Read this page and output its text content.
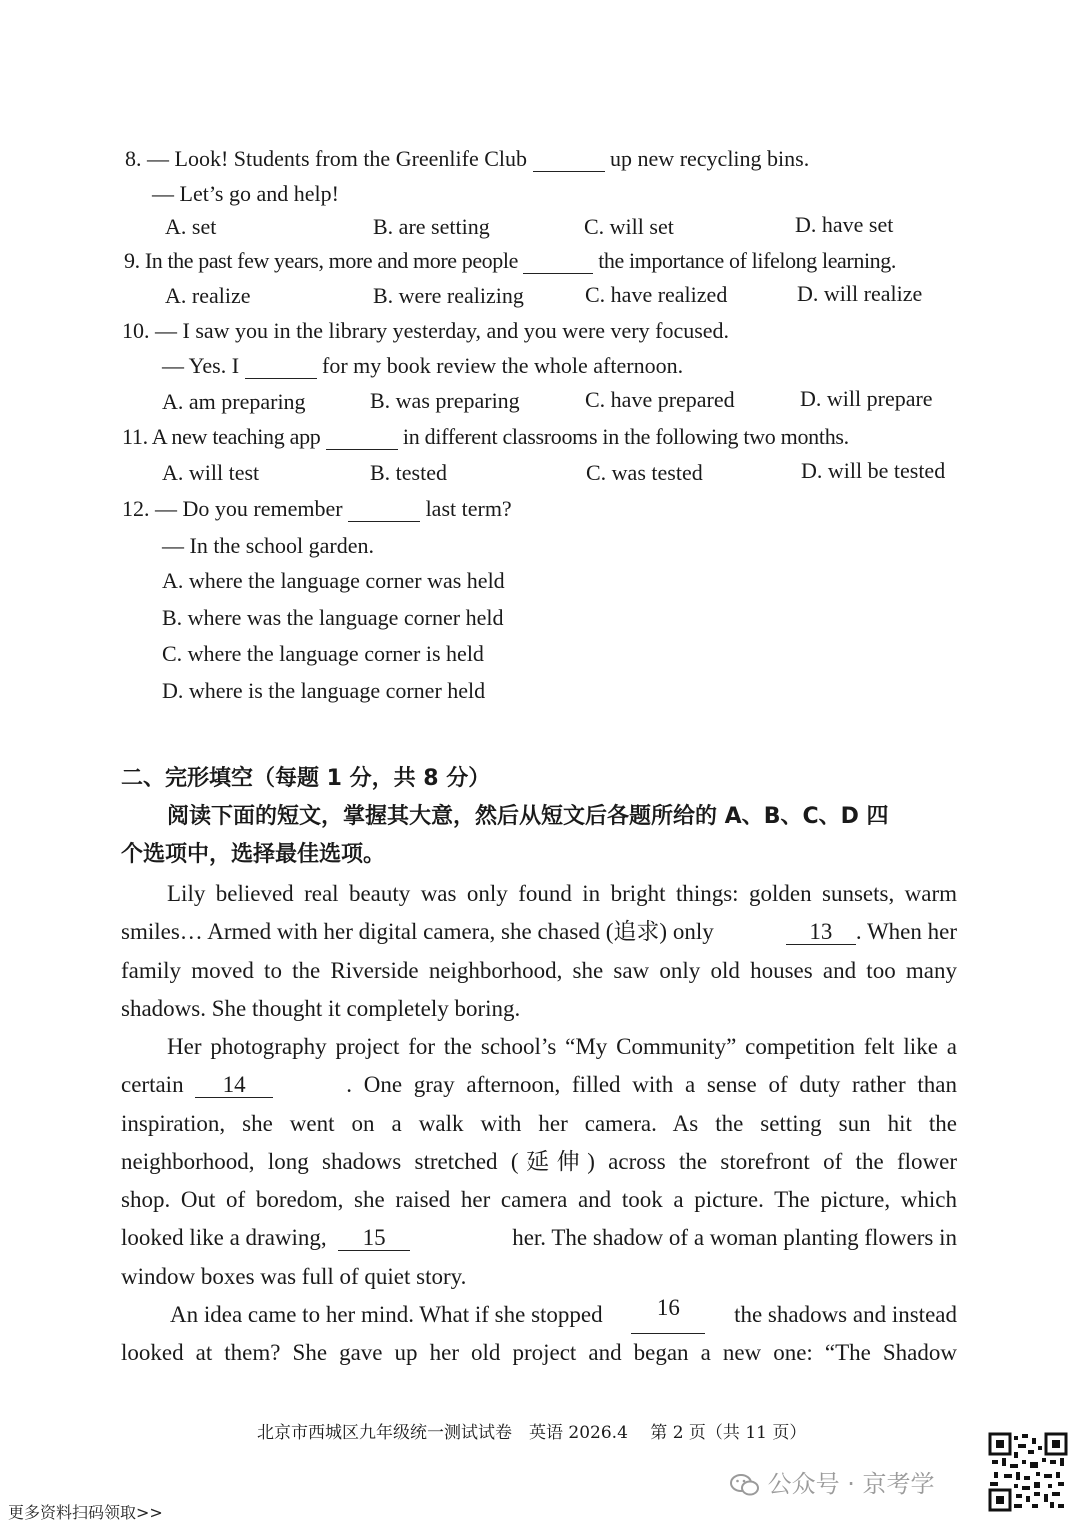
8. — Look! Students from the Greenlife Club	up new recycling bins.
— Let’s go and help!
A. set	B. are setting	C. will set	D. have set
9. In the past few years, more and more people	the importance of lifelong learning.
A. realize	B. were realizing	C. have realized	D. will realize
10. — I saw you in the library yesterday, and you were very focused.
— Yes. I	for my book review the whole afternoon.
A. am preparing	B. was preparing	C. have prepared	D. will prepare
11. A new teaching app	in different classrooms in the following two months.
A. will test	B. tested	C. was tested	D. will be tested
12. — Do you remember	last term?
— In the school garden.
A. where the language corner was held
B. where was the language corner held
C. where the language corner is held
D. where is the language corner held
二、完形填空（每题 1 分，共 8 分）
阅读下面的短文，掌握其大意，然后从短文后各题所给的 A、B、C、D 四
个选项中，选择最佳选项。
Lily believed real beauty was only found in bright things: golden sunsets, warm
smiles… Armed with her digital camera, she chased (追求) only	13 . When her
family moved to the Riverside neighborhood, she saw only old houses and too many
shadows. She thought it completely boring.
Her photography project for the school’s “My Community” competition felt like a
certain 14	. One gray afternoon, filled with a sense of duty rather than
inspiration, she went on a walk with her camera. As the setting sun hit the
neighborhood, long shadows stretched (延伸) across the storefront of the flower
shop. Out of boredom, she raised her camera and took a picture. The picture, which
looked like a drawing, 15	her. The shadow of a woman planting flowers in
window boxes was full of quiet story.
An idea came to her mind. What if she stopped	16	the shadows and instead
looked at them? She gave up her old project and began a new one: “The Shadow
北京市西城区九年级统一测试试卷　英语 2026.4　 第 2 页（共 11 页）
公众号 · 京考学
更多资料扫码领取>>
